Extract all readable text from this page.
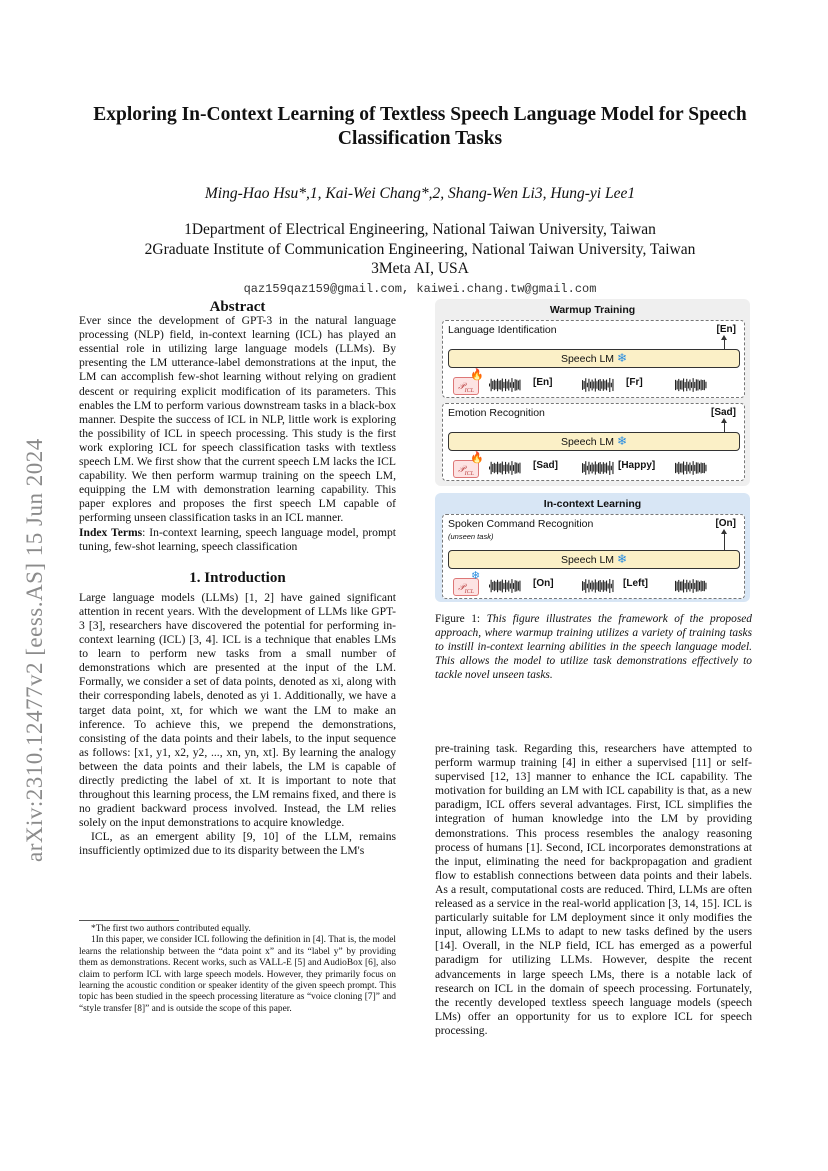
arXiv:2310.12477v2 [eess.AS] 15 Jun 2024
Exploring In-Context Learning of Textless Speech Language Model for Speech Classification Tasks
Ming-Hao Hsu*,1, Kai-Wei Chang*,2, Shang-Wen Li3, Hung-yi Lee1
1Department of Electrical Engineering, National Taiwan University, Taiwan
2Graduate Institute of Communication Engineering, National Taiwan University, Taiwan
3Meta AI, USA
qaz159qaz159@gmail.com, kaiwei.chang.tw@gmail.com

Abstract

Ever since the development of GPT-3 in the natural language processing (NLP) field, in-context learning (ICL) has played an essential role in utilizing large language models (LLMs). By presenting the LM utterance-label demonstrations at the input, the LM can accomplish few-shot learning without relying on gradient descent or requiring explicit modification of its parameters. This enables the LM to perform various downstream tasks in a black-box manner. Despite the success of ICL in NLP, little work is exploring the possibility of ICL in speech processing. This study is the first work exploring ICL for speech classification tasks with textless speech LM. We first show that the current speech LM lacks the ICL capability. We then perform warmup training on the speech LM, equipping the LM with demonstration learning capability. This paper explores and proposes the first speech LM capable of performing unseen classification tasks in an ICL manner.

Index Terms: In-context learning, speech language model, prompt tuning, few-shot learning, speech classification

1. Introduction

Large language models (LLMs) [1, 2] have gained significant attention in recent years. With the development of LLMs like GPT-3 [3], researchers have discovered the potential for performing in-context learning (ICL) [3, 4]. ICL is a technique that enables LMs to learn to perform new tasks from a small number of demonstrations which are presented at the input of the LM. Formally, we consider a set of data points, denoted as xi, along with their corresponding labels, denoted as yi 1. Additionally, we have a target data point, xt, for which we want the LM to make an inference. To achieve this, we prepend the demonstrations, consisting of the data points and their labels, to the input sequence as follows: [x1, y1, x2, y2, ..., xn, yn, xt]. By learning the analogy between the data points and their labels, the LM is capable of directly predicting the label of xt. It is important to note that throughout this learning process, the LM remains fixed, and there is no gradient backward process involved. Instead, the LM relies solely on the input demonstrations to acquire knowledge.

ICL, as an emergent ability [9, 10] of the LLM, remains insufficiently optimized due to its disparity between the LM's

*The first two authors contributed equally.

1In this paper, we consider ICL following the definition in [4]. That is, the model learns the relationship between the “data point x” and its “label y” by providing them as demonstrations. Recent works, such as VALL-E [5] and AudioBox [6], also claim to perform ICL with large speech models. However, they primarily focus on learning the acoustic condition or speaker identity of the given speech prompt. This topic has been studied in the speech processing literature as “voice cloning [7]” and “style transfer [8]” and is outside the scope of this paper.

Warmup Training
Language Identification	[En]
Speech LM ❄
𝒫$_{ICL}$
🔥
[En]	[Fr]
Emotion Recognition	[Sad]
Speech LM ❄
𝒫$_{ICL}$
🔥
[Sad]	[Happy]
In-context Learning
Spoken Command Recognition
(unseen task)
[On]
Speech LM ❄
𝒫$_{ICL}$
❄
[On]	[Left]
Figure 1: This figure illustrates the framework of the proposed approach, where warmup training utilizes a variety of training tasks to instill in-context learning abilities in the speech language model. This allows the model to utilize task demonstrations effectively to tackle novel unseen tasks.
pre-training task. Regarding this, researchers have attempted to perform warmup training [4] in either a supervised [11] or self-supervised [12, 13] manner to enhance the ICL capability. The motivation for building an LM with ICL capability is that, as a new paradigm, ICL offers several advantages. First, ICL simplifies the integration of human knowledge into the LM by providing demonstrations. This process resembles the analogy reasoning process of humans [1]. Second, ICL incorporates demonstrations at the input, eliminating the need for backpropagation and gradient flow to establish connections between data points and their labels. As a result, computational costs are reduced. Third, LLMs are often released as a service in the real-world application [3, 14, 15]. ICL is particularly suitable for LM deployment since it only modifies the input, allowing LLMs to adapt to new tasks defined by the users [14]. Overall, in the NLP field, ICL has emerged as a powerful paradigm for utilizing LLMs. However, despite the recent advancements in large speech LMs, there is a notable lack of research on ICL in the domain of speech processing. Fortunately, the recently developed textless speech language models (speech LMs) offer an opportunity for us to explore ICL for speech processing.
